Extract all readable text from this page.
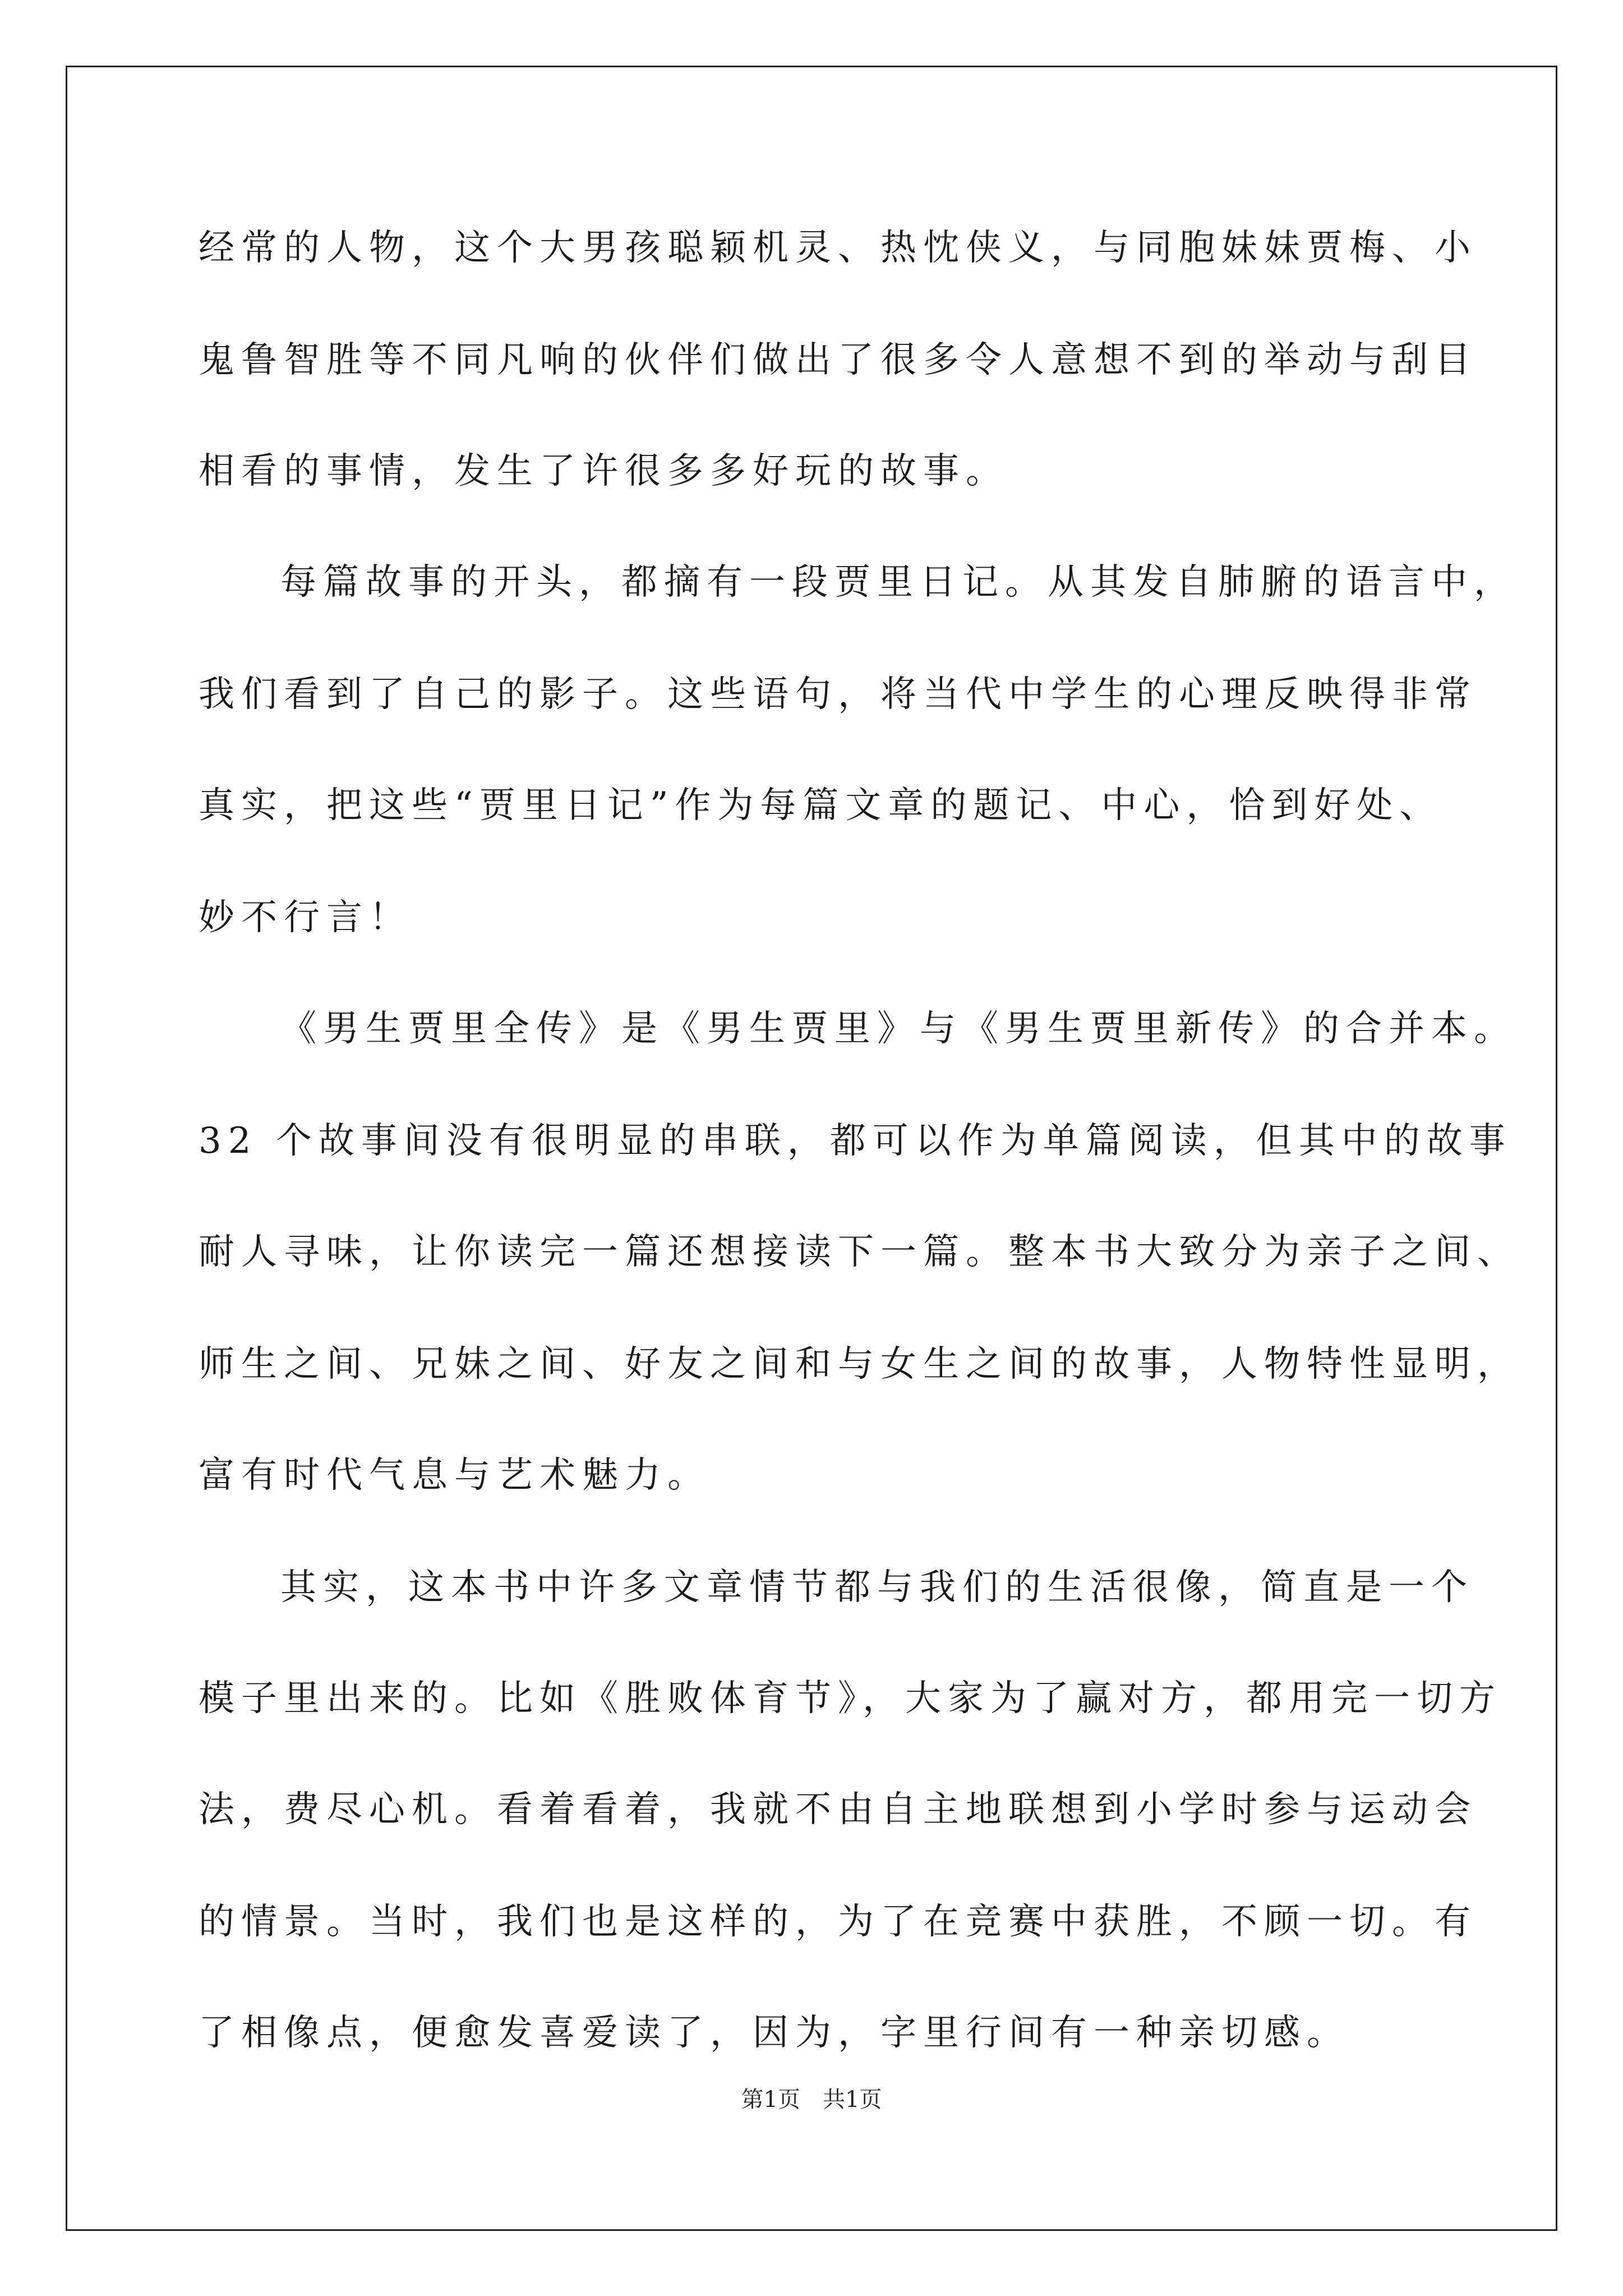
经常的人物，这个大男孩聪颖机灵、热忱侠义，与同胞妹妹贾梅、小
鬼鲁智胜等不同凡响的伙伴们做出了很多令人意想不到的举动与刮目
相看的事情，发生了许很多多好玩的故事。
每篇故事的开头，都摘有一段贾里日记。从其发自肺腑的语言中，
我们看到了自己的影子。这些语句，将当代中学生的心理反映得非常
真实，把这些“贾里日记”作为每篇文章的题记、中心，恰到好处、
妙不行言！
《男生贾里全传》是《男生贾里》与《男生贾里新传》的合并本。
32 个故事间没有很明显的串联，都可以作为单篇阅读，但其中的故事
耐人寻味，让你读完一篇还想接读下一篇。整本书大致分为亲子之间、
师生之间、兄妹之间、好友之间和与女生之间的故事，人物特性显明，
富有时代气息与艺术魅力。
其实，这本书中许多文章情节都与我们的生活很像，简直是一个
模子里出来的。比如《胜败体育节》，大家为了赢对方，都用完一切方
法，费尽心机。看着看着，我就不由自主地联想到小学时参与运动会
的情景。当时，我们也是这样的，为了在竞赛中获胜，不顾一切。有
了相像点，便愈发喜爱读了，因为，字里行间有一种亲切感。
第1页　共1页
